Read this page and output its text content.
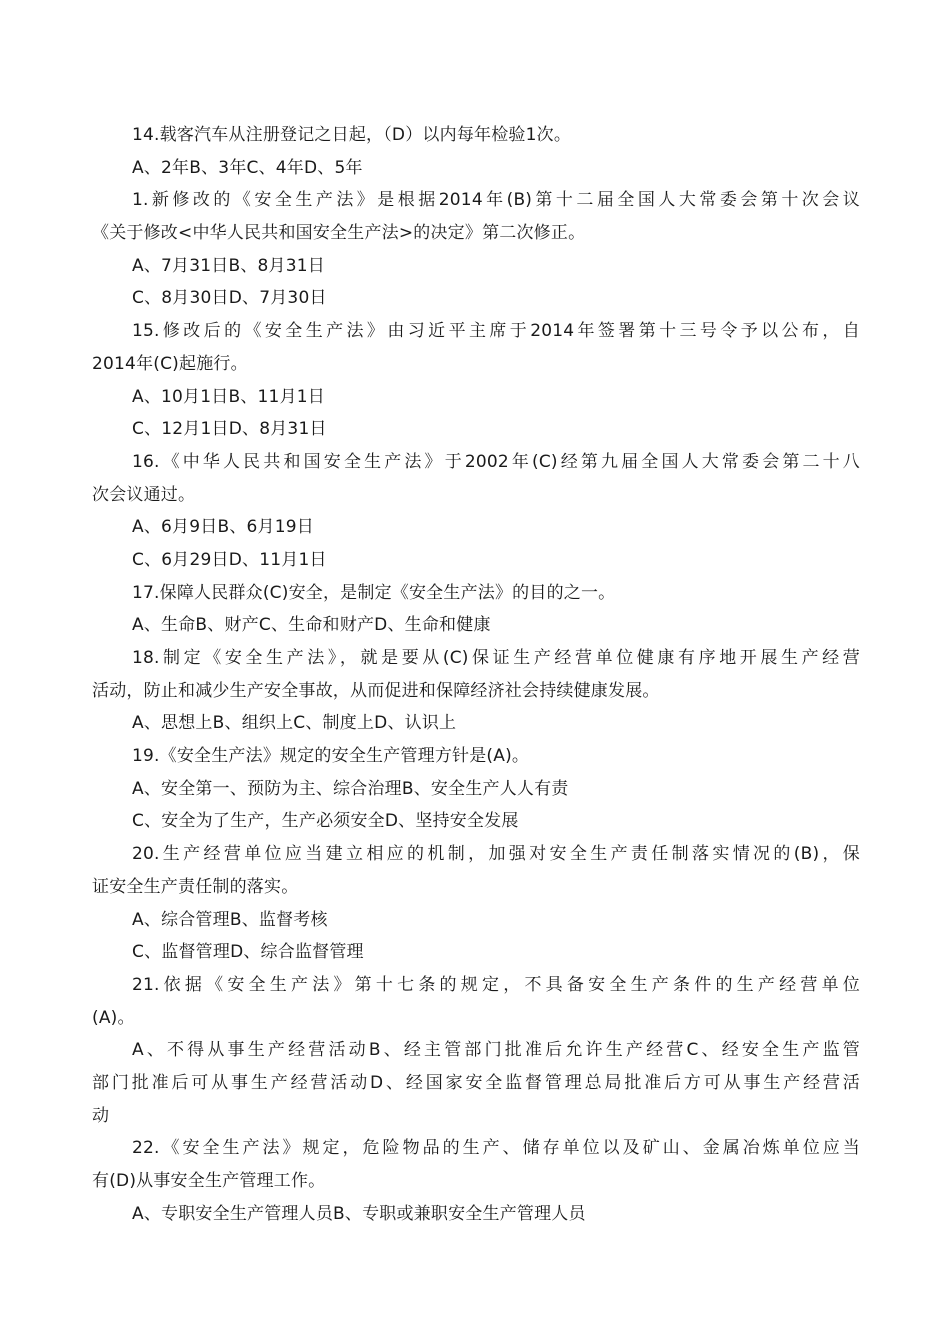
14.载客汽车从注册登记之日起，（D）以内每年检验1次。
A、2年B、3年C、4年D、5年
1.新修改的《安全生产法》是根据2014年(B)第十二届全国人大常委会第十次会议
《关于修改<中华人民共和国安全生产法>的决定》第二次修正。
A、7月31日B、8月31日
C、8月30日D、7月30日
15.修改后的《安全生产法》由习近平主席于2014年签署第十三号令予以公布，自
2014年(C)起施行。
A、10月1日B、11月1日
C、12月1日D、8月31日
16.《中华人民共和国安全生产法》于2002年(C)经第九届全国人大常委会第二十八
次会议通过。
A、6月9日B、6月19日
C、6月29日D、11月1日
17.保障人民群众(C)安全，是制定《安全生产法》的目的之一。
A、生命B、财产C、生命和财产D、生命和健康
18.制定《安全生产法》，就是要从(C)保证生产经营单位健康有序地开展生产经营
活动，防止和减少生产安全事故，从而促进和保障经济社会持续健康发展。
A、思想上B、组织上C、制度上D、认识上
19.《安全生产法》规定的安全生产管理方针是(A)。
A、安全第一、预防为主、综合治理B、安全生产人人有责
C、安全为了生产，生产必须安全D、坚持安全发展
20.生产经营单位应当建立相应的机制，加强对安全生产责任制落实情况的(B)，保
证安全生产责任制的落实。
A、综合管理B、监督考核
C、监督管理D、综合监督管理
21.依据《安全生产法》第十七条的规定，不具备安全生产条件的生产经营单位
(A)。
A、不得从事生产经营活动B、经主管部门批准后允许生产经营C、经安全生产监管
部门批准后可从事生产经营活动D、经国家安全监督管理总局批准后方可从事生产经营活
动
22.《安全生产法》规定，危险物品的生产、储存单位以及矿山、金属冶炼单位应当
有(D)从事安全生产管理工作。
A、专职安全生产管理人员B、专职或兼职安全生产管理人员
